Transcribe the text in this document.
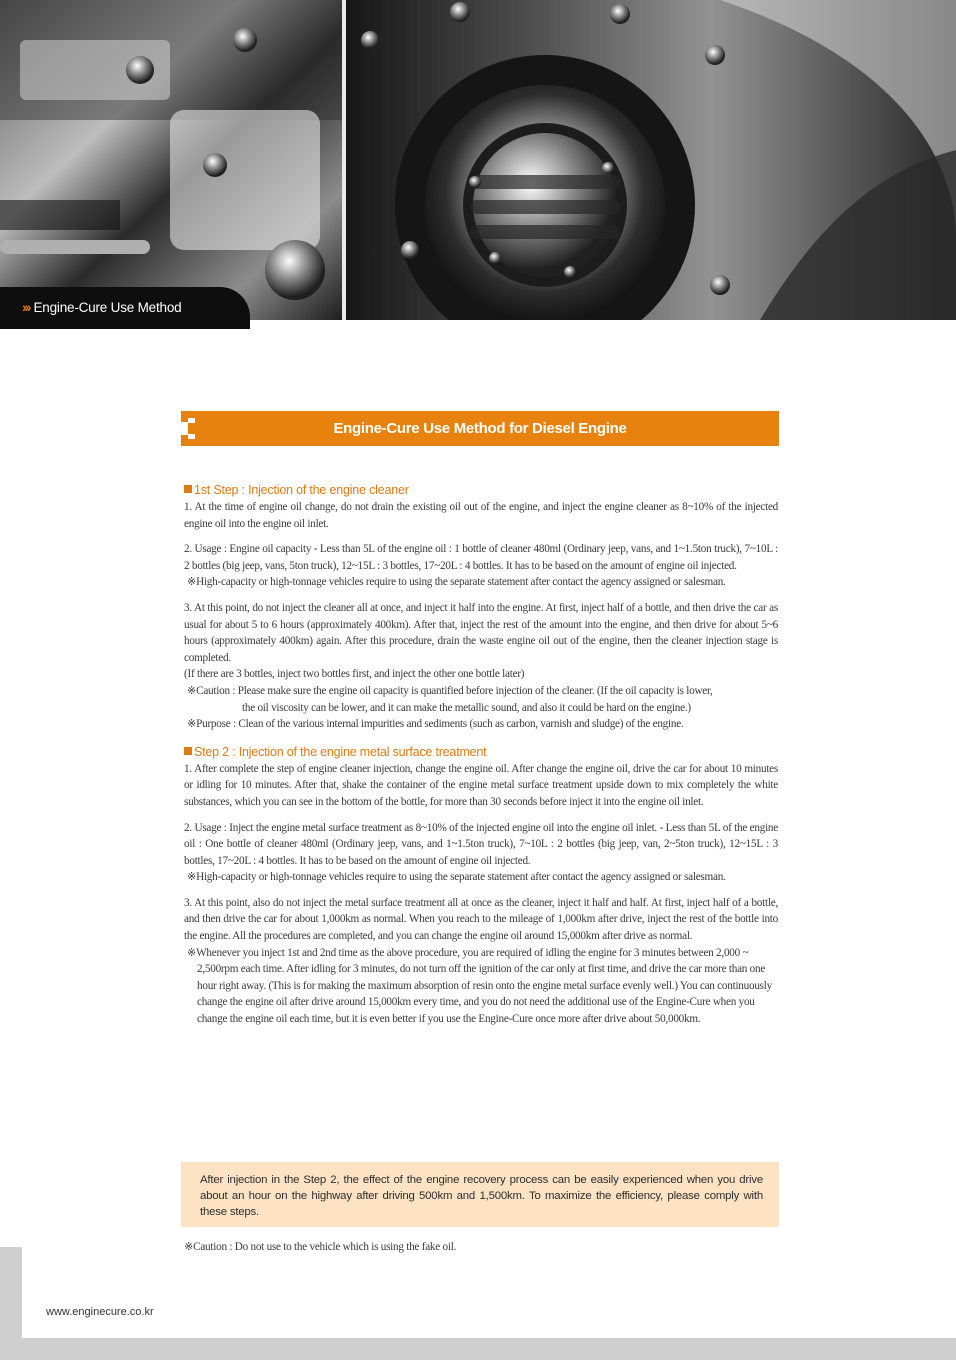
››› Engine-Cure Use Method
Engine-Cure Use Method for Diesel Engine
1st Step : Injection of the engine cleaner

1. At the time of engine oil change, do not drain the existing oil out of the engine, and inject the engine cleaner as 8~10% of the injected engine oil into the engine oil inlet.

2. Usage : Engine oil capacity - Less than 5L of the engine oil : 1 bottle of cleaner 480ml (Ordinary jeep, vans, and 1~1.5ton truck), 7~10L : 2 bottles (big jeep, vans, 5ton truck), 12~15L : 3 bottles, 17~20L : 4 bottles. It has to be based on the amount of engine oil injected.

※High-capacity or high-tonnage vehicles require to using the separate statement after contact the agency assigned or salesman.

3. At this point, do not inject the cleaner all at once, and inject it half into the engine. At first, inject half of a bottle, and then drive the car as usual for about 5 to 6 hours (approximately 400km). After that, inject the rest of the amount into the engine, and then drive for about 5~6 hours (approximately 400km) again. After this procedure, drain the waste engine oil out of the engine, then the cleaner injection stage is completed.

(If there are 3 bottles, inject two bottles first, and inject the other one bottle later)

※Caution : Please make sure the engine oil capacity is quantified before injection of the cleaner. (If the oil capacity is lower,

the oil viscosity can be lower, and it can make the metallic sound, and also it could be hard on the engine.)

※Purpose : Clean of the various internal impurities and sediments (such as carbon, varnish and sludge) of the engine.

Step 2 : Injection of the engine metal surface treatment

1. After complete the step of engine cleaner injection, change the engine oil. After change the engine oil, drive the car for about 10 minutes or idling for 10 minutes. After that, shake the container of the engine metal surface treatment upside down to mix completely the white substances, which you can see in the bottom of the bottle, for more than 30 seconds before inject it into the engine oil inlet.

2. Usage : Inject the engine metal surface treatment as 8~10% of the injected engine oil into the engine oil inlet. - Less than 5L of the engine oil : One bottle of cleaner 480ml (Ordinary jeep, vans, and 1~1.5ton truck), 7~10L : 2 bottles (big jeep, van, 2~5ton truck), 12~15L : 3 bottles, 17~20L : 4 bottles. It has to be based on the amount of engine oil injected.

※High-capacity or high-tonnage vehicles require to using the separate statement after contact the agency assigned or salesman.

3. At this point, also do not inject the metal surface treatment all at once as the cleaner, inject it half and half. At first, inject half of a bottle, and then drive the car for about 1,000km as normal. When you reach to the mileage of 1,000km after drive, inject the rest of the bottle into the engine. All the procedures are completed, and you can change the engine oil around 15,000km after drive as normal.

※Whenever you inject 1st and 2nd time as the above procedure, you are required of idling the engine for 3 minutes between 2,000 ~ 2,500rpm each time. After idling for 3 minutes, do not turn off the ignition of the car only at first time, and drive the car more than one hour right away. (This is for making the maximum absorption of resin onto the engine metal surface evenly well.) You can continuously change the engine oil after drive around 15,000km every time, and you do not need the additional use of the Engine-Cure when you change the engine oil each time, but it is even better if you use the Engine-Cure once more after drive about 50,000km.

After injection in the Step 2, the effect of the engine recovery process can be easily experienced when you drive about an hour on the highway after driving 500km and 1,500km. To maximize the efficiency, please comply with these steps.
※Caution : Do not use to the vehicle which is using the fake oil.
www.enginecure.co.kr
